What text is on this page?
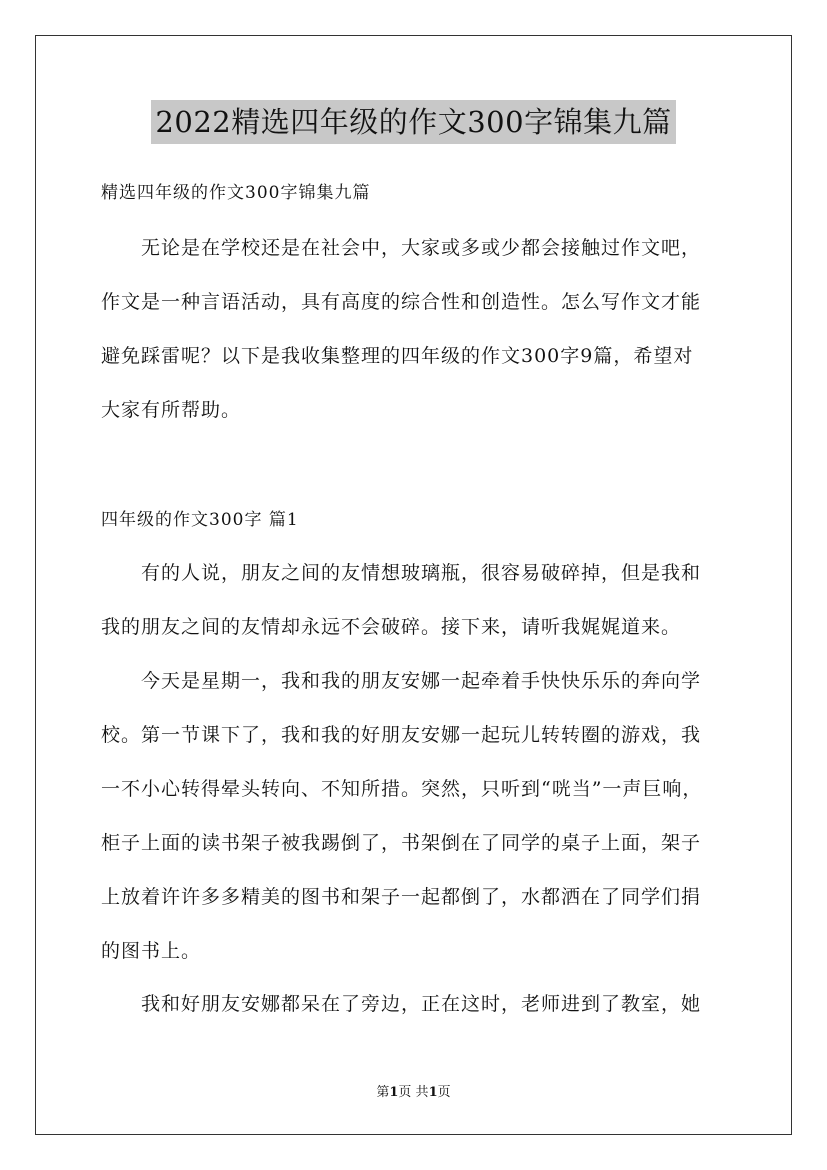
2022精选四年级的作文300字锦集九篇

精选四年级的作文300字锦集九篇

无论是在学校还是在社会中，大家或多或少都会接触过作文吧，
作文是一种言语活动，具有高度的综合性和创造性。怎么写作文才能
避免踩雷呢？以下是我收集整理的四年级的作文300字9篇，希望对
大家有所帮助。

四年级的作文300字 篇1

有的人说，朋友之间的友情想玻璃瓶，很容易破碎掉，但是我和
我的朋友之间的友情却永远不会破碎。接下来，请听我娓娓道来。
今天是星期一，我和我的朋友安娜一起牵着手快快乐乐的奔向学
校。第一节课下了，我和我的好朋友安娜一起玩儿转转圈的游戏，我
一不小心转得晕头转向、不知所措。突然，只听到“咣当”一声巨响，
柜子上面的读书架子被我踢倒了，书架倒在了同学的桌子上面，架子
上放着许许多多精美的图书和架子一起都倒了，水都洒在了同学们捐
的图书上。
我和好朋友安娜都呆在了旁边，正在这时，老师进到了教室，她
第1页 共1页
